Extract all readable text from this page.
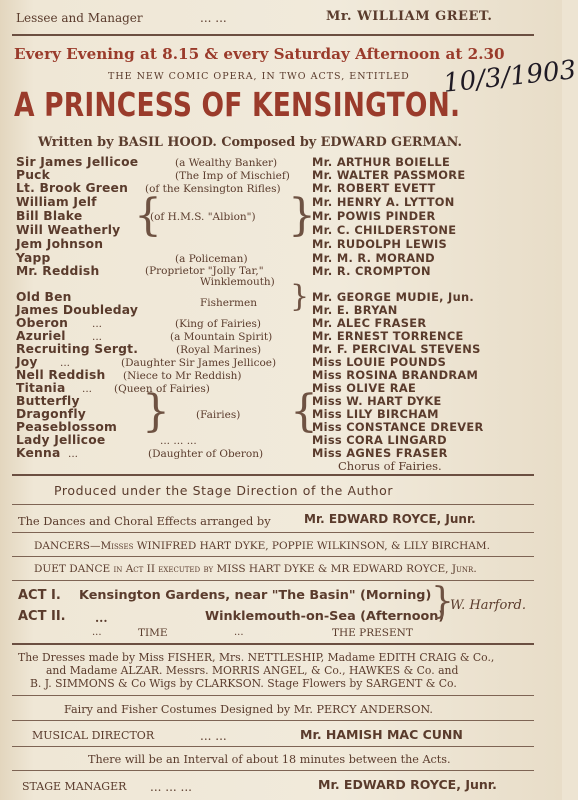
Lessee and Manager	... ...	Mr. WILLIAM GREET.
Every Evening at 8.15 & every Saturday Afternoon at 2.30
10/3/1903
THE NEW COMIC OPERA, IN TWO ACTS, ENTITLED
A PRINCESS OF KENSINGTON.
Written by BASIL HOOD. Composed by EDWARD GERMAN.
Sir James Jellicoe	(a Wealthy Banker)	Mr. ARTHUR BOIELLE
Puck	(The Imp of Mischief) Mr. WALTER PASSMORE
Lt. Brook Green (of the Kensington Rifles)	Mr. ROBERT EVETT
William Jelf	Mr. HENRY A. LYTTON
Bill Blake	(of H.M.S. "Albion")	Mr. POWIS PINDER
Will Weatherly	Mr. C. CHILDERSTONE
Jem Johnson	Mr. RUDOLPH LEWIS
{	}
Yapp	(a Policeman)	Mr. M. R. MORAND
Mr. Reddish	(Proprietor "Jolly Tar,"	Mr. R. CROMPTON
Winklemouth)
Old Ben	Mr. GEORGE MUDIE, Jun.
James Doubleday	Fishermen	Mr. E. BRYAN
}
Oberon ...	(King of Fairies)	Mr. ALEC FRASER
Azuriel	...	(a Mountain Spirit)	Mr. ERNEST TORRENCE
Recruiting Sergt.	(Royal Marines)	Mr. F. PERCIVAL STEVENS
Joy ...	(Daughter Sir James Jellicoe)	Miss LOUIE POUNDS
Nell Reddish (Niece to Mr Reddish)	Miss ROSINA BRANDRAM
Titania ... (Queen of Fairies)	Miss OLIVE RAE
Butterfly	Miss W. HART DYKE
Dragonfly	(Fairies)	Miss LILY BIRCHAM
Peaseblossom	Miss CONSTANCE DREVER
}	{
Lady Jellicoe	... ... ...	Miss CORA LINGARD
Kenna ...	(Daughter of Oberon)	Miss AGNES FRASER
Chorus of Fairies.
Produced under the Stage Direction of the Author
The Dances and Choral Effects arranged by	Mr. EDWARD ROYCE, Junr.
DANCERS—Misses WINIFRED HART DYKE, POPPIE WILKINSON, & LILY BIRCHAM.
DUET DANCE in Act II executed by MISS HART DYKE & MR EDWARD ROYCE, Junr.
ACT I. Kensington Gardens, near "The Basin" (Morning)
ACT II. ...	Winklemouth-on-Sea (Afternoon)
}
W. Harford.
...	TIME	...	THE PRESENT
The Dresses made by Miss FISHER, Mrs. NETTLESHIP, Madame EDITH CRAIG & Co.,
and Madame ALZAR. Messrs. MORRIS ANGEL, & Co., HAWKES & Co. and
B. J. SIMMONS & Co Wigs by CLARKSON. Stage Flowers by SARGENT & Co.
Fairy and Fisher Costumes Designed by Mr. PERCY ANDERSON.
MUSICAL DIRECTOR	... ...	Mr. HAMISH MAC CUNN
There will be an Interval of about 18 minutes between the Acts.
STAGE MANAGER ... ... ...	Mr. EDWARD ROYCE, Junr.
